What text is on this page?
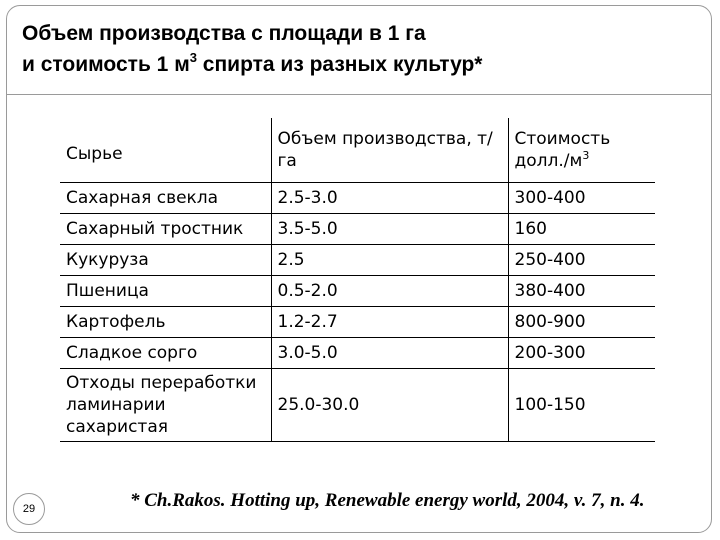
Объем производства с площади в 1 га
и стоимость 1 $м^3$ спирта из разных культур*
Сырье	Объем производства, т/га	Стоимость $долл./м^3$
Сахарная свекла	2.5-3.0	300-400
Сахарный тростник	3.5-5.0	160
Кукуруза	2.5	250-400
Пшеница	0.5-2.0	380-400
Картофель	1.2-2.7	800-900
Сладкое сорго	3.0-5.0	200-300
Отходы переработки ламинарии сахаристая	25.0-30.0	100-150
29	* Ch.Rakos. Hotting up, Renewable energy world, 2004, v. 7, n. 4.
